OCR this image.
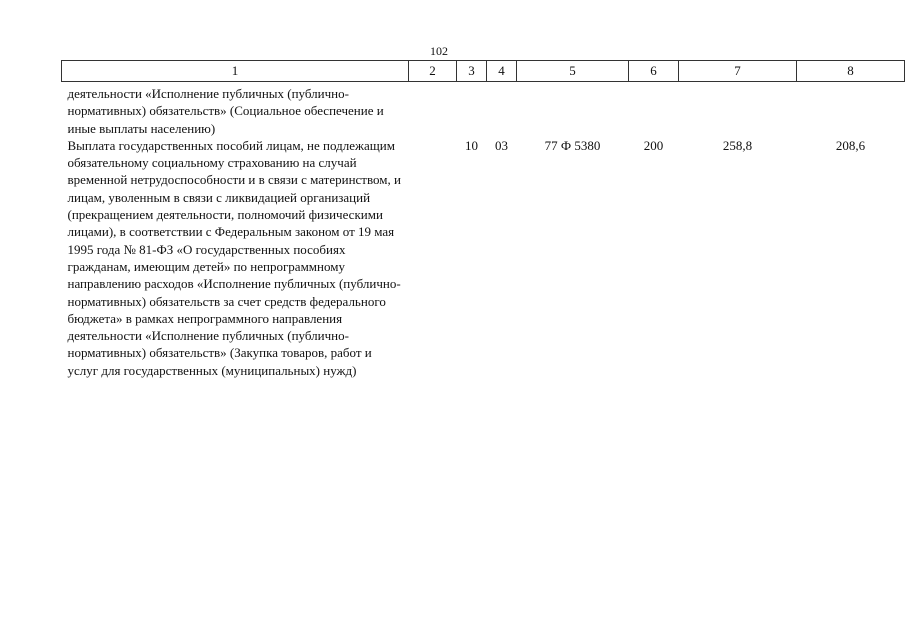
102
1	2	3	4	5	6	7	8
деятельности «Исполнение публичных (публично-нормативных) обязательств» (Социальное обеспечение и иные выплаты населению)							
Выплата государственных пособий лицам, не подлежащим обязательному социальному страхованию на случай временной нетрудоспособности и в связи с материнством, и лицам, уволенным в связи с ликвидацией организаций (прекращением деятельности, полномочий физическими лицами), в соответствии с Федеральным законом от 19 мая 1995 года № 81-ФЗ «О государственных пособиях гражданам, имеющим детей» по непрограммному направлению расходов «Исполнение публичных (публично-нормативных) обязательств за счет средств федерального бюджета» в рамках непрограммного направления деятельности «Исполнение публичных (публично-нормативных) обязательств» (Закупка товаров, работ и услуг для государственных (муниципальных) нужд)		10	03	77 Ф 5380	200	258,8	208,6
